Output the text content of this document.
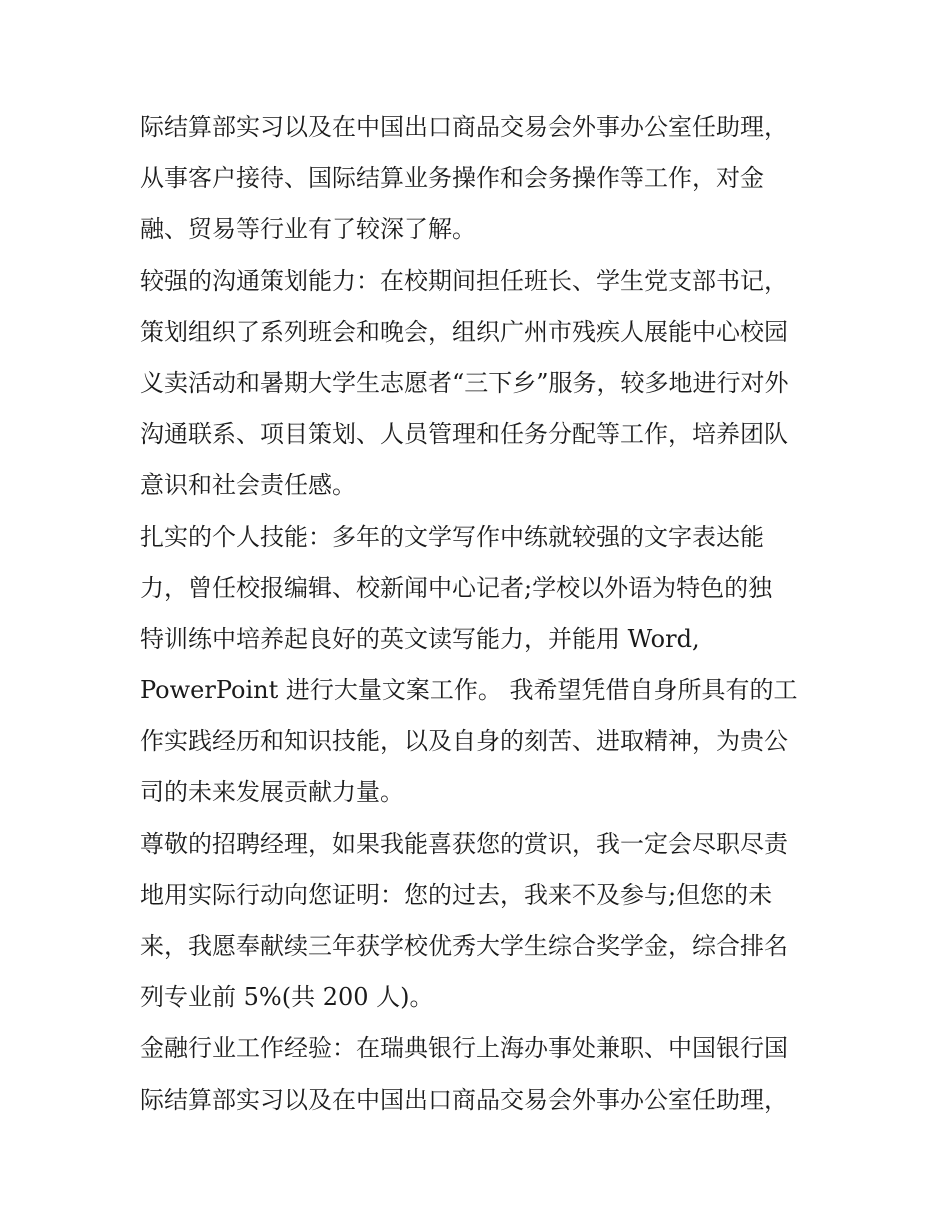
际结算部实习以及在中国出口商品交易会外事办公室任助理，
从事客户接待、国际结算业务操作和会务操作等工作，对金
融、贸易等行业有了较深了解。
较强的沟通策划能力：在校期间担任班长、学生党支部书记，
策划组织了系列班会和晚会，组织广州市残疾人展能中心校园
义卖活动和暑期大学生志愿者“三下乡”服务，较多地进行对外
沟通联系、项目策划、人员管理和任务分配等工作，培养团队
意识和社会责任感。
扎实的个人技能：多年的文学写作中练就较强的文字表达能
力，曾任校报编辑、校新闻中心记者;学校以外语为特色的独
特训练中培养起良好的英文读写能力，并能用 Word,
PowerPoint 进行大量文案工作。 我希望凭借自身所具有的工
作实践经历和知识技能，以及自身的刻苦、进取精神，为贵公
司的未来发展贡献力量。
尊敬的招聘经理，如果我能喜获您的赏识，我一定会尽职尽责
地用实际行动向您证明：您的过去，我来不及参与;但您的未
来，我愿奉献续三年获学校优秀大学生综合奖学金，综合排名
列专业前 5%(共 200 人)。
金融行业工作经验：在瑞典银行上海办事处兼职、中国银行国
际结算部实习以及在中国出口商品交易会外事办公室任助理，
